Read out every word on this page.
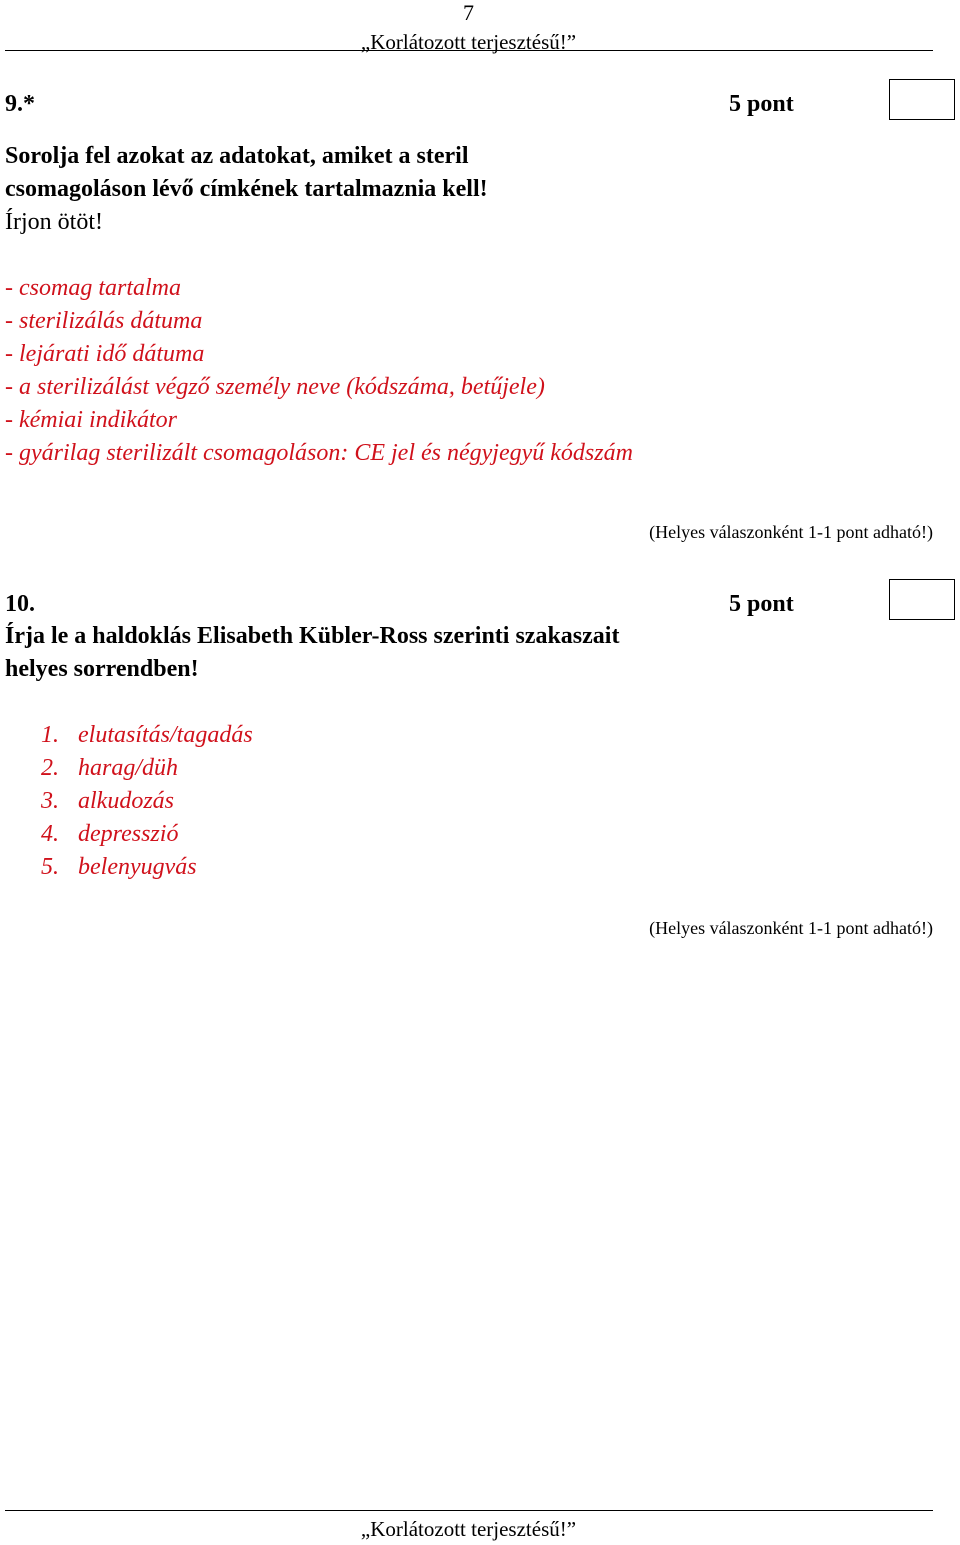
7
„Korlátozott terjesztésű!”
9.*	5 pont
Sorolja fel azokat az adatokat, amiket a steril
csomagoláson lévő címkének tartalmaznia kell!
Írjon ötöt!
- csomag tartalma
- sterilizálás dátuma
- lejárati idő dátuma
- a sterilizálást végző személy neve (kódszáma, betűjele)
- kémiai indikátor
- gyárilag sterilizált csomagoláson: CE jel és négyjegyű kódszám
(Helyes válaszonként 1-1 pont adható!)
10.	5 pont
Írja le a haldoklás Elisabeth Kübler-Ross szerinti szakaszait
helyes sorrendben!
1. elutasítás/tagadás
2. harag/düh
3. alkudozás
4. depresszió
5. belenyugvás
(Helyes válaszonként 1-1 pont adható!)
„Korlátozott terjesztésű!”
